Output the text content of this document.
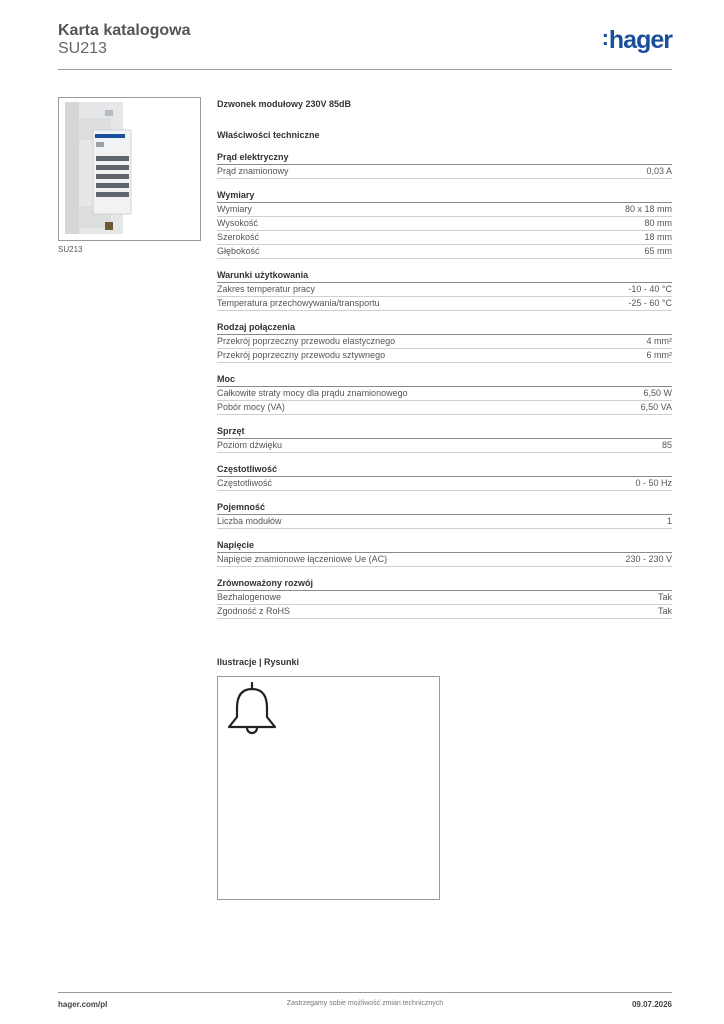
Karta katalogowa
SU213	:hager
SU213
Dzwonek modułowy 230V 85dB
Właściwości techniczne
Prąd elektryczny
Prąd znamionowy	0,03 A
Wymiary
Wymiary	80 x 18 mm
Wysokość	80 mm
Szerokość	18 mm
Głębokość	65 mm
Warunki użytkowania
Zakres temperatur pracy	-10 - 40 °C
Temperatura przechowywania/transportu	-25 - 60 °C
Rodzaj połączenia
Przekrój poprzeczny przewodu elastycznego	4 mm²
Przekrój poprzeczny przewodu sztywnego	6 mm²
Moc
Całkowite straty mocy dla prądu znamionowego	6,50 W
Pobór mocy (VA)	6,50 VA
Sprzęt
Poziom dźwięku	85
Częstotliwość
Częstotliwość	0 - 50 Hz
Pojemność
Liczba modułów	1
Napięcie
Napięcie znamionowe łączeniowe Ue (AC)	230 - 230 V
Zrównoważony rozwój
Bezhalogenowe	Tak
Zgodność z RoHS	Tak
Ilustracje | Rysunki
hager.com/pl	Zastrzegamy sobie możliwość zmian technicznych	09.07.2026
